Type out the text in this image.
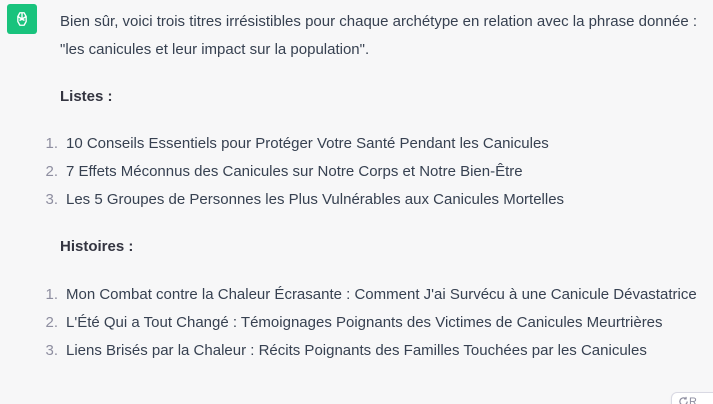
Bien sûr, voici trois titres irrésistibles pour chaque archétype en relation avec la phrase donnée : "les canicules et leur impact sur la population".

Listes :
1. 10 Conseils Essentiels pour Protéger Votre Santé Pendant les Canicules
2. 7 Effets Méconnus des Canicules sur Notre Corps et Notre Bien-Être
3. Les 5 Groupes de Personnes les Plus Vulnérables aux Canicules Mortelles
Histoires :
1. Mon Combat contre la Chaleur Écrasante : Comment J'ai Survécu à une Canicule Dévastatrice
2. L'Été Qui a Tout Changé : Témoignages Poignants des Victimes de Canicules Meurtrières
3. Liens Brisés par la Chaleur : Récits Poignants des Familles Touchées par les Canicules
R
